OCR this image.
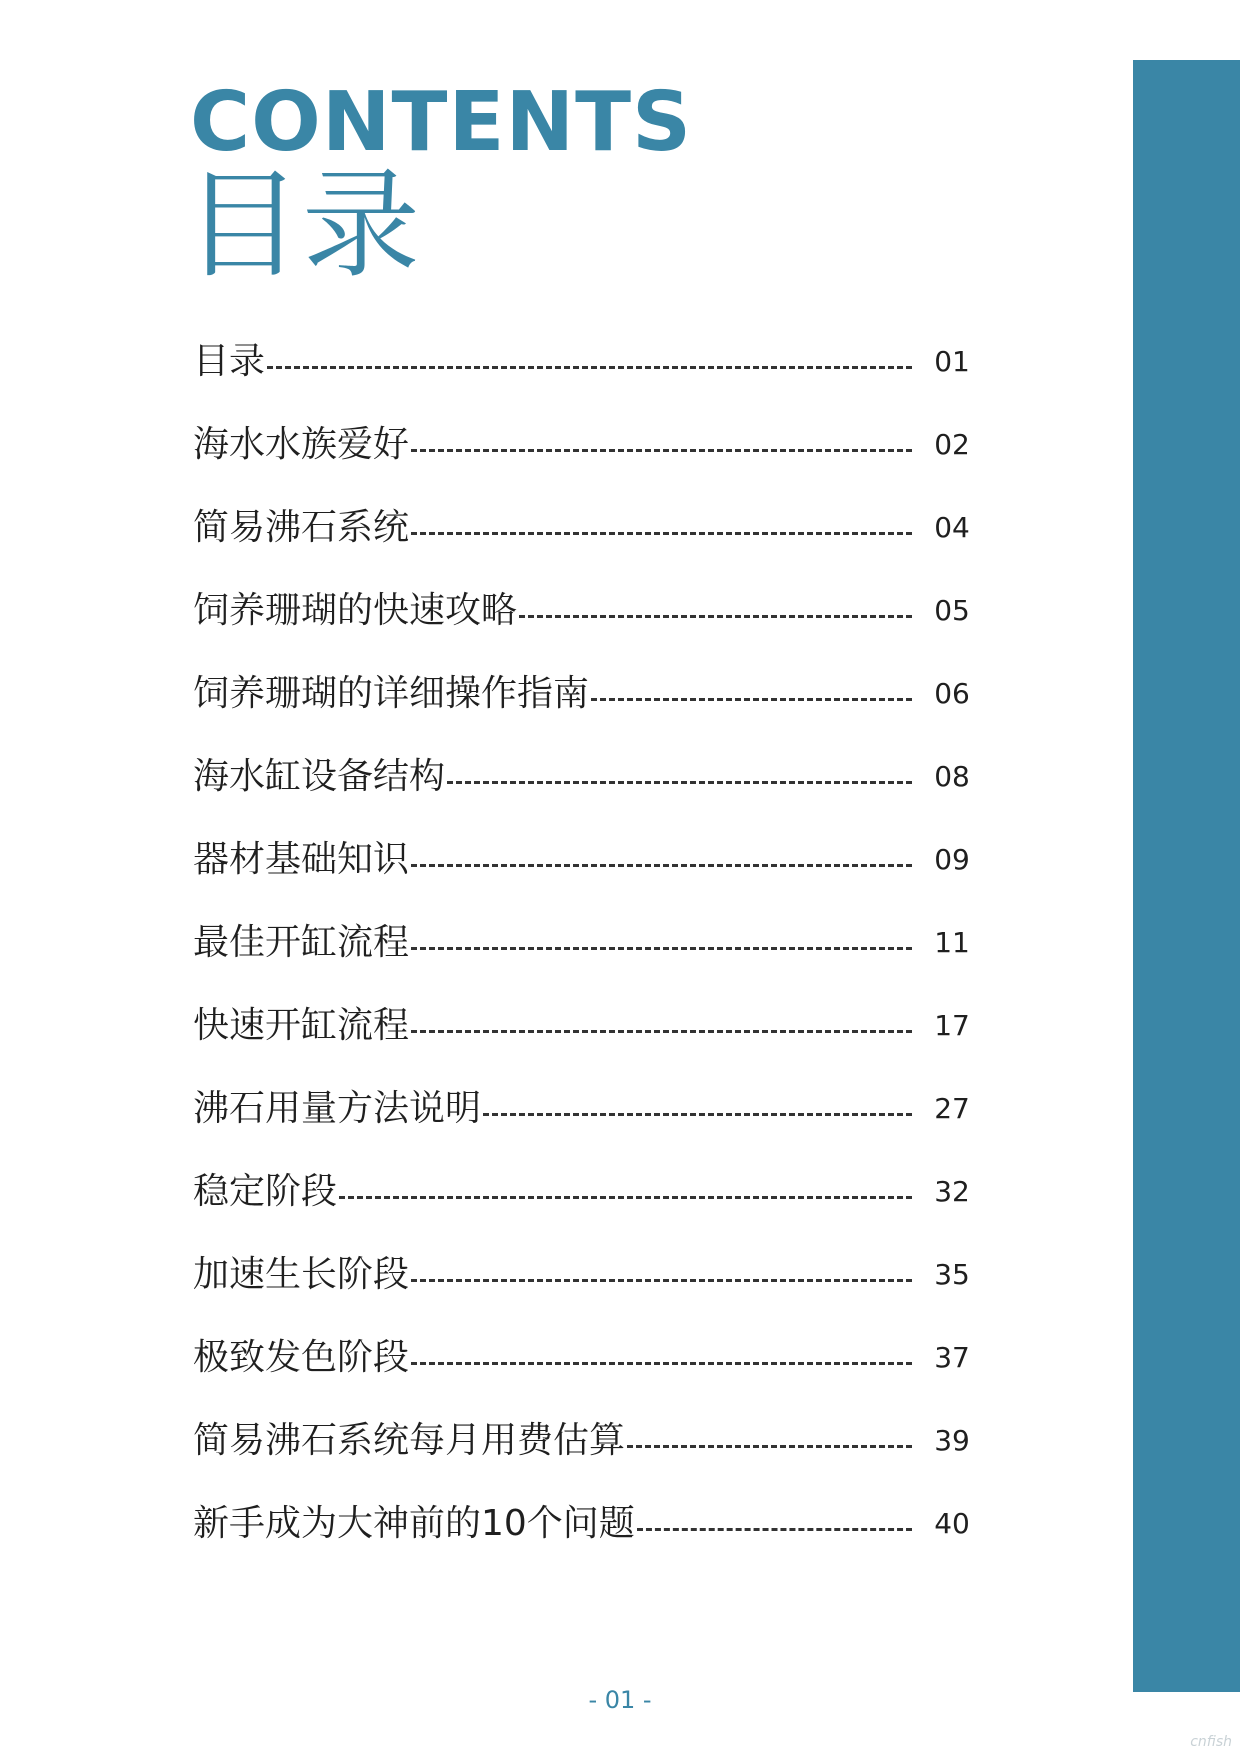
CONTENTS
目录
目录	01
海水水族爱好	02
简易沸石系统	04
饲养珊瑚的快速攻略	05
饲养珊瑚的详细操作指南	06
海水缸设备结构	08
器材基础知识	09
最佳开缸流程	11
快速开缸流程	17
沸石用量方法说明	27
稳定阶段	32
加速生长阶段	35
极致发色阶段	37
简易沸石系统每月用费估算	39
新手成为大神前的10个问题	40
- 01 -
cnfish
